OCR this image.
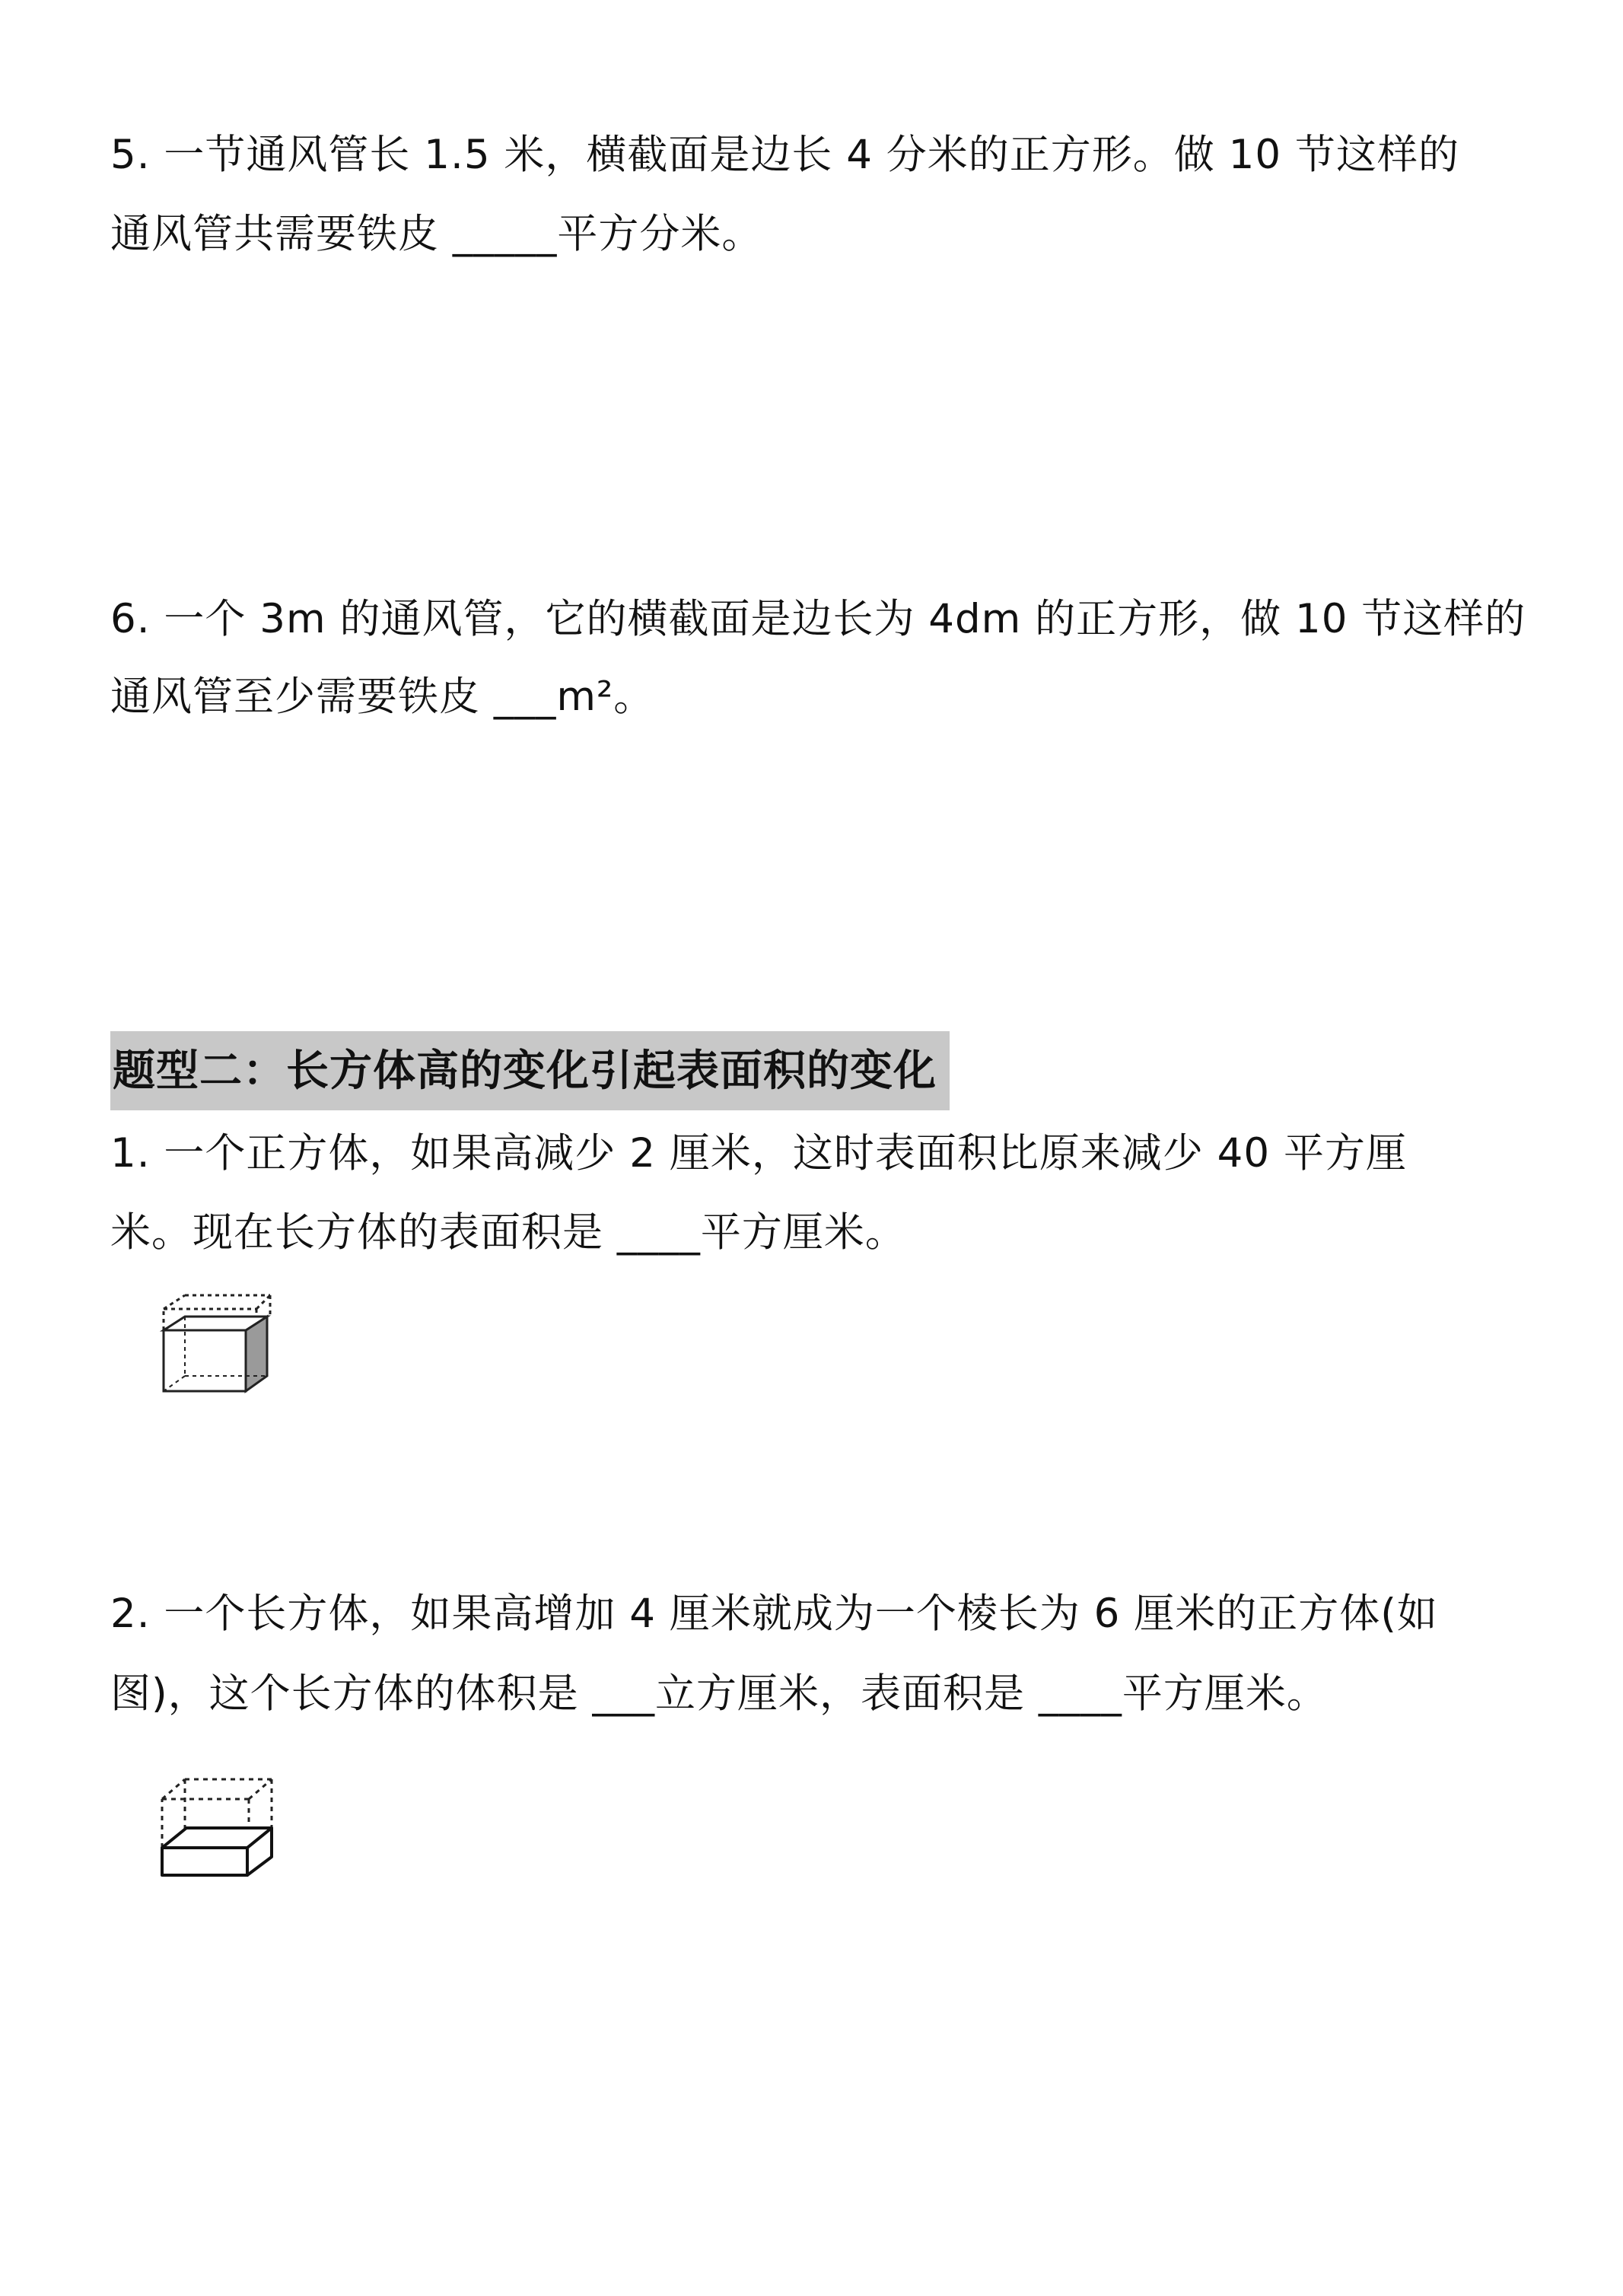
5. 一节通风管长 1.5 米，横截面是边长 4 分米的正方形。做 10 节这样的
通风管共需要铁皮 _____平方分米。
6. 一个 3m 的通风管，它的横截面是边长为 4dm 的正方形，做 10 节这样的
通风管至少需要铁皮 ___m²。
题型二：长方体高的变化引起表面积的变化
1. 一个正方体，如果高减少 2 厘米，这时表面积比原来减少 40 平方厘
米。现在长方体的表面积是 ____平方厘米。
2. 一个长方体，如果高增加 4 厘米就成为一个棱长为 6 厘米的正方体(如
图)，这个长方体的体积是 ___立方厘米，表面积是 ____平方厘米。
